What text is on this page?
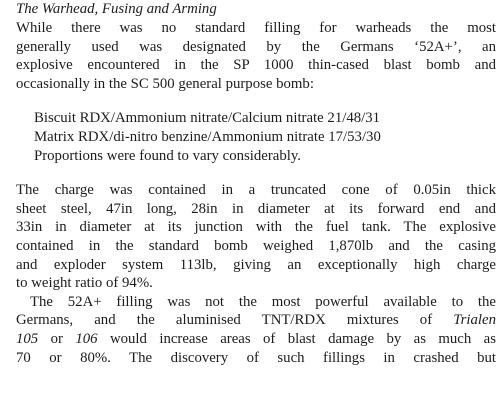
The Warhead, Fusing and Arming

While there was no standard filling for warheads the most
generally used was designated by the Germans ‘52A+’, an
explosive encountered in the SP 1000 thin-cased blast bomb and
occasionally in the SC 500 general purpose bomb:
Biscuit RDX/Ammonium nitrate/Calcium nitrate 21/48/31
Matrix RDX/di-nitro benzine/Ammonium nitrate 17/53/30
Proportions were found to vary considerably.
The charge was contained in a truncated cone of 0.05in thick
sheet steel, 47in long, 28in in diameter at its forward end and
33in in diameter at its junction with the fuel tank. The explosive
contained in the standard bomb weighed 1,870lb and the casing
and exploder system 113lb, giving an exceptionally high charge
to weight ratio of 94%.
The 52A+ filling was not the most powerful available to the
Germans, and the aluminised TNT/RDX mixtures of Trialen
105 or 106 would increase areas of blast damage by as much as
70 or 80%. The discovery of such fillings in crashed but
